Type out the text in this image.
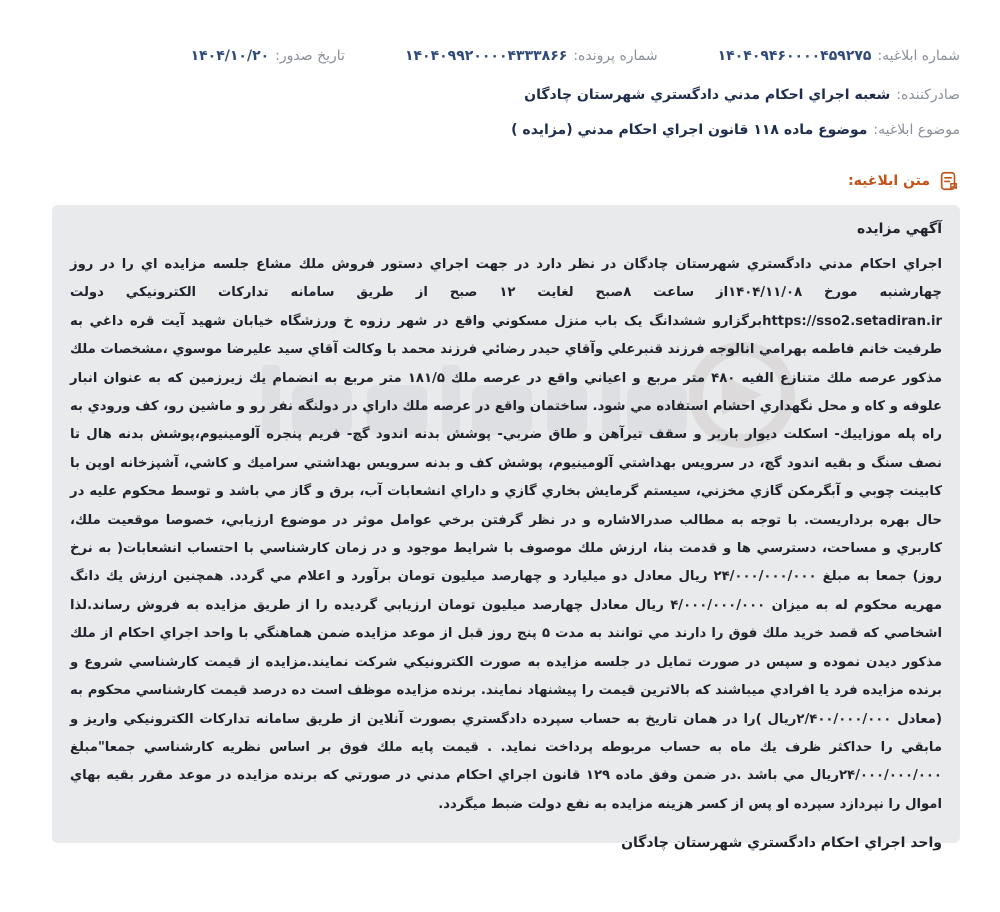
شماره ابلاغیه:
۱۴۰۴۰۹۴۶۰۰۰۰۴۵۹۲۷۵
شماره پرونده:
۱۴۰۴۰۹۹۲۰۰۰۰۴۳۳۳۸۶۶
تاریخ صدور:
۱۴۰۴/۱۰/۲۰
صادرکننده:
شعبه اجراي احكام مدني دادگستري شهرستان چادگان
موضوع ابلاغیه:
موضوع ماده ۱۱۸ قانون اجراي احكام مدني (مزايده )
متن ابلاغیه:
آگهي مزايده

اجراي احكام مدني دادگستري شهرستان چادگان در نظر دارد در جهت اجراي دستور فروش ملك مشاع جلسه مزايده اي را در روز چهارشنبه مورخ ۱۴۰۴/۱۱/۰۸از ساعت ۸صبح لغايت ۱۲ صبح از طريق سامانه تداركات الكترونيكي دولت https://sso2.setadiran.irبرگزارو ششدانگ يک باب منزل مسكوني واقع در شهر رزوه خ ورزشگاه خيابان شهيد آيت قره داغي به طرفيت خانم فاطمه بهرامي انالوجه فرزند قنبرعلي وآقاي حيدر رضائي فرزند محمد با وكالت آقاي سيد عليرضا موسوي ،مشخصات ملك مذكور عرصه ملك متنازع الفيه ۴۸۰ متر مربع و اعياني واقع در عرصه ملك ۱۸۱/۵ متر مربع به انضمام يك زيرزمين كه به عنوان انبار علوفه و كاه و محل نگهداري احشام استفاده مي شود. ساختمان واقع در عرصه ملك داراي در دولنگه نفر رو و ماشين رو، كف ورودي به راه پله موزاييك- اسكلت ديوار باربر و سقف تيرآهن و طاق ضربي- پوشش بدنه اندود گچ- فريم پنجره آلومينيوم،پوشش بدنه هال تا نصف سنگ و بقيه اندود گچ، در سرويس بهداشتي آلومينيوم، پوشش كف و بدنه سرويس بهداشتي سراميك و كاشي، آشپزخانه اوپن با كابينت چوبي و آبگرمكن گازي مخزني، سيستم گرمايش بخاري گازي و داراي انشعابات آب، برق و گاز مي باشد و توسط محكوم عليه در حال بهره برداريست. با توجه به مطالب صدرالاشاره و در نظر گرفتن برخي عوامل موثر در موضوع ارزيابي، خصوصا موقعيت ملك، كاربري و مساحت، دسترسي ها و قدمت بنا، ارزش ملك موصوف با شرايط موجود و در زمان كارشناسي با احتساب انشعابات( به نرخ روز) جمعا به مبلغ ۲۴/۰۰۰/۰۰۰/۰۰۰ ريال معادل دو ميليارد و چهارصد ميليون تومان برآورد و اعلام مي گردد. همچنين ارزش يك دانگ مهريه محكوم له به ميزان ۴/۰۰۰/۰۰۰/۰۰۰ ريال معادل چهارصد ميليون تومان ارزيابي گرديده را از طريق مزايده به فروش رساند.لذا اشخاصي كه قصد خريد ملك فوق را دارند مي توانند به مدت ۵ پنج روز قبل از موعد مزايده ضمن هماهنگي با واحد اجراي احكام از ملك مذكور ديدن نموده و سپس در صورت تمايل در جلسه مزايده به صورت الكترونيكي شركت نمايند.مزايده از قيمت كارشناسي شروع و برنده مزايده فرد يا افرادي ميباشند كه بالاترين قيمت را پيشنهاد نمايند. برنده مزايده موظف است ده درصد قيمت كارشناسي محكوم به (معادل ۲/۴۰۰/۰۰۰/۰۰۰ريال )را در همان تاريخ به حساب سپرده دادگستري بصورت آنلاين از طريق سامانه تداركات الكترونيكي واريز و مابقي را حداكثر ظرف يك ماه به حساب مربوطه پرداخت نمايد. . قيمت پايه ملك فوق بر اساس نظريه كارشناسي جمعا"مبلغ ۲۴/۰۰۰/۰۰۰/۰۰۰ريال مي باشد .در ضمن وفق ماده ۱۲۹ قانون اجراي احكام مدني در صورتي كه برنده مزايده در موعد مقرر بقيه بهاي اموال را نپردازد سپرده او پس از كسر هزينه مزايده به نفع دولت ضبط ميگردد.

واحد اجراي احكام دادگستري شهرستان چادگان
